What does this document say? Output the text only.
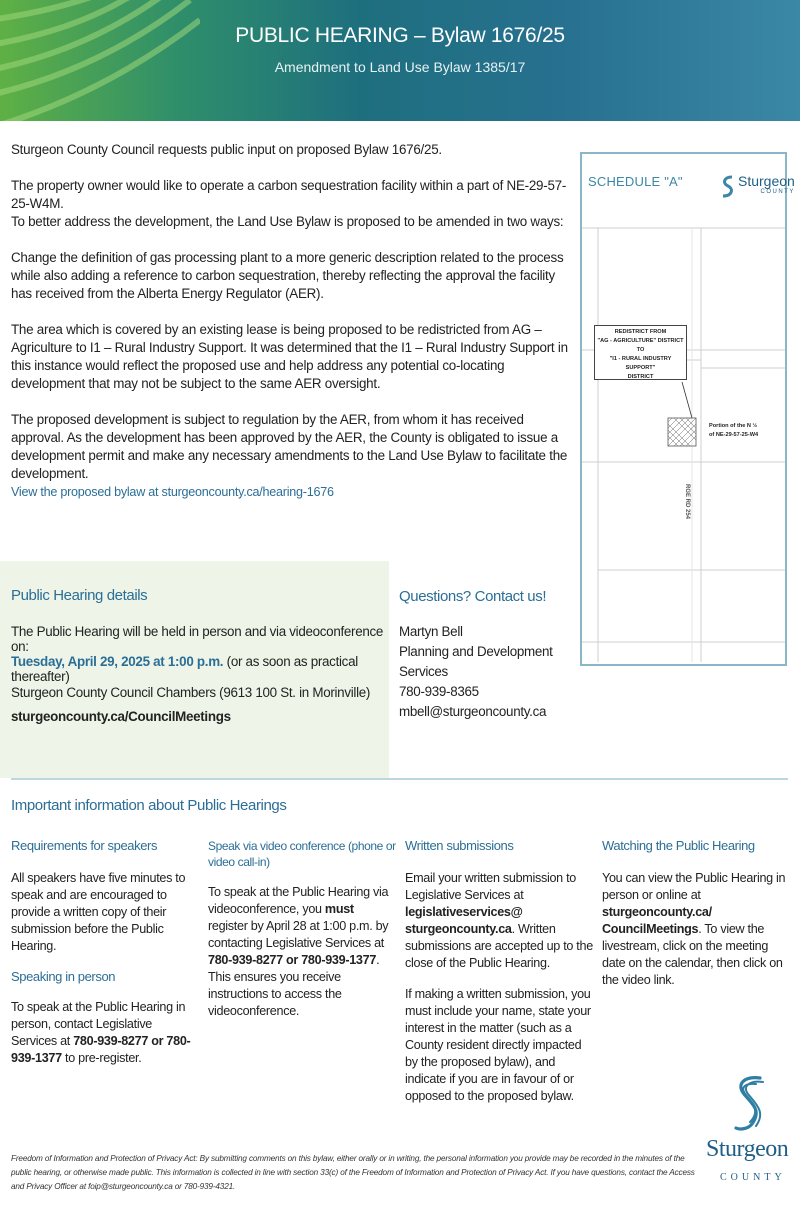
PUBLIC HEARING – Bylaw 1676/25
Amendment to Land Use Bylaw 1385/17

Sturgeon County Council requests public input on proposed Bylaw 1676/25.

The property owner would like to operate a carbon sequestration facility within a part of NE-29-57-25-W4M.
To better address the development, the Land Use Bylaw is proposed to be amended in two ways:

Change the definition of gas processing plant to a more generic description related to the process while also adding a reference to carbon sequestration, thereby reflecting the approval the facility has received from the Alberta Energy Regulator (AER).

The area which is covered by an existing lease is being proposed to be redistricted from AG – Agriculture to I1 – Rural Industry Support. It was determined that the I1 – Rural Industry Support in this instance would reflect the proposed use and help address any potential co-locating development that may not be subject to the same AER oversight.

The proposed development is subject to regulation by the AER, from whom it has received approval. As the development has been approved by the AER, the County is obligated to issue a development permit and make any necessary amendments to the Land Use Bylaw to facilitate the development.

View the proposed bylaw at sturgeoncounty.ca/hearing-1676
SCHEDULE "A"	Sturgeon
COUNTY
REDISTRICT FROM
"AG - AGRICULTURE" DISTRICT
TO
"I1 - RURAL INDUSTRY SUPPORT"
DISTRICT
Portion of the N ½
of NE-29-57-25-W4
RGE RD 254
Public Hearing details
The Public Hearing will be held in person and via videoconference on:
Tuesday, April 29, 2025 at 1:00 p.m. (or as soon as practical thereafter)
Sturgeon County Council Chambers (9613 100 St. in Morinville)
sturgeoncounty.ca/CouncilMeetings
Questions? Contact us!
Martyn Bell
Planning and Development
Services
780-939-8365
mbell@sturgeoncounty.ca
Important information about Public Hearings
Requirements for speakers

All speakers have five minutes to speak and are encouraged to provide a written copy of their submission before the Public Hearing.

Speaking in person

To speak at the Public Hearing in person, contact Legislative Services at 780-939-8277 or 780-939-1377 to pre-register.

Speak via video conference (phone or video call-in)

To speak at the Public Hearing via videoconference, you must register by April 28 at 1:00 p.m. by contacting Legislative Services at 780-939-8277 or 780-939-1377. This ensures you receive instructions to access the videoconference.

Written submissions

Email your written submission to Legislative Services at legislativeservices@ sturgeoncounty.ca. Written submissions are accepted up to the close of the Public Hearing.

If making a written submission, you must include your name, state your interest in the matter (such as a County resident directly impacted by the proposed bylaw), and indicate if you are in favour of or opposed to the proposed bylaw.

Watching the Public Hearing

You can view the Public Hearing in person or online at sturgeoncounty.ca/ CouncilMeetings. To view the livestream, click on the meeting date on the calendar, then click on the video link.

Freedom of Information and Protection of Privacy Act: By submitting comments on this bylaw, either orally or in writing, the personal information you provide may be recorded in the minutes of the public hearing, or otherwise made public. This information is collected in line with section 33(c) of the Freedom of Information and Protection of Privacy Act. If you have questions, contact the Access and Privacy Officer at foip@sturgeoncounty.ca or 780-939-4321.
Sturgeon
COUNTY
